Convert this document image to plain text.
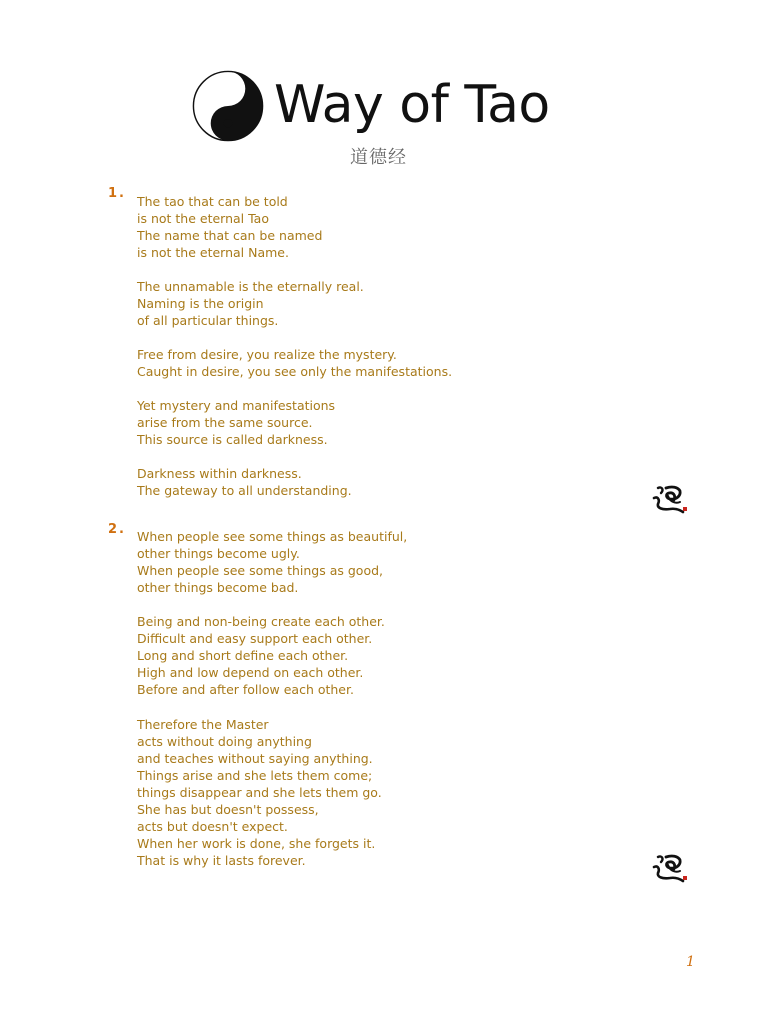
Way of Tao
道德经
1.
The tao that can be told
is not the eternal Tao
The name that can be named
is not the eternal Name.
The unnamable is the eternally real.
Naming is the origin
of all particular things.
Free from desire, you realize the mystery.
Caught in desire, you see only the manifestations.
Yet mystery and manifestations
arise from the same source.
This source is called darkness.
Darkness within darkness.
The gateway to all understanding.
2. When people see some things as beautiful,
other things become ugly.
When people see some things as good,
other things become bad.
Being and non-being create each other.
Difficult and easy support each other.
Long and short define each other.
High and low depend on each other.
Before and after follow each other.
Therefore the Master
acts without doing anything
and teaches without saying anything.
Things arise and she lets them come;
things disappear and she lets them go.
She has but doesn't possess,
acts but doesn't expect.
When her work is done, she forgets it.
That is why it lasts forever.
1
